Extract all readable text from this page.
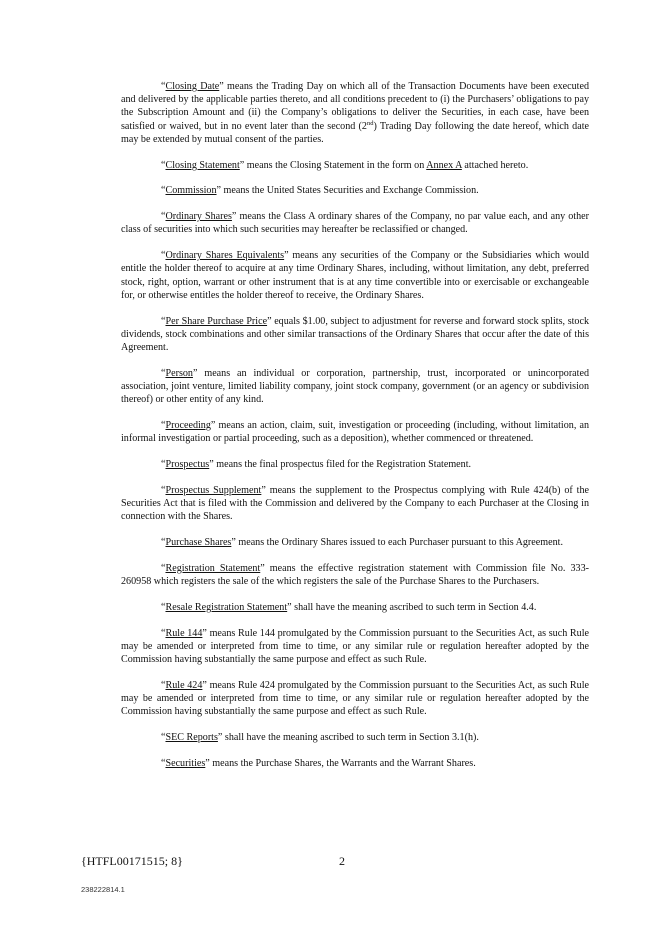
“Closing Date” means the Trading Day on which all of the Transaction Documents have been executed and delivered by the applicable parties thereto, and all conditions precedent to (i) the Purchasers’ obligations to pay the Subscription Amount and (ii) the Company’s obligations to deliver the Securities, in each case, have been satisfied or waived, but in no event later than the second (2nd) Trading Day following the date hereof, which date may be extended by mutual consent of the parties.

“Closing Statement” means the Closing Statement in the form on Annex A attached hereto.

“Commission” means the United States Securities and Exchange Commission.

“Ordinary Shares” means the Class A ordinary shares of the Company, no par value each, and any other class of securities into which such securities may hereafter be reclassified or changed.

“Ordinary Shares Equivalents” means any securities of the Company or the Subsidiaries which would entitle the holder thereof to acquire at any time Ordinary Shares, including, without limitation, any debt, preferred stock, right, option, warrant or other instrument that is at any time convertible into or exercisable or exchangeable for, or otherwise entitles the holder thereof to receive, the Ordinary Shares.

“Per Share Purchase Price” equals $1.00, subject to adjustment for reverse and forward stock splits, stock dividends, stock combinations and other similar transactions of the Ordinary Shares that occur after the date of this Agreement.

“Person” means an individual or corporation, partnership, trust, incorporated or unincorporated association, joint venture, limited liability company, joint stock company, government (or an agency or subdivision thereof) or other entity of any kind.

“Proceeding” means an action, claim, suit, investigation or proceeding (including, without limitation, an informal investigation or partial proceeding, such as a deposition), whether commenced or threatened.

“Prospectus” means the final prospectus filed for the Registration Statement.

“Prospectus Supplement” means the supplement to the Prospectus complying with Rule 424(b) of the Securities Act that is filed with the Commission and delivered by the Company to each Purchaser at the Closing in connection with the Shares.

“Purchase Shares” means the Ordinary Shares issued to each Purchaser pursuant to this Agreement.

“Registration Statement” means the effective registration statement with Commission file No. 333-260958 which registers the sale of the which registers the sale of the Purchase Shares to the Purchasers.

“Resale Registration Statement” shall have the meaning ascribed to such term in Section 4.4.

“Rule 144” means Rule 144 promulgated by the Commission pursuant to the Securities Act, as such Rule may be amended or interpreted from time to time, or any similar rule or regulation hereafter adopted by the Commission having substantially the same purpose and effect as such Rule.

“Rule 424” means Rule 424 promulgated by the Commission pursuant to the Securities Act, as such Rule may be amended or interpreted from time to time, or any similar rule or regulation hereafter adopted by the Commission having substantially the same purpose and effect as such Rule.

“SEC Reports” shall have the meaning ascribed to such term in Section 3.1(h).

“Securities” means the Purchase Shares, the Warrants and the Warrant Shares.

{HTFL00171515; 8}	2
238222814.1
